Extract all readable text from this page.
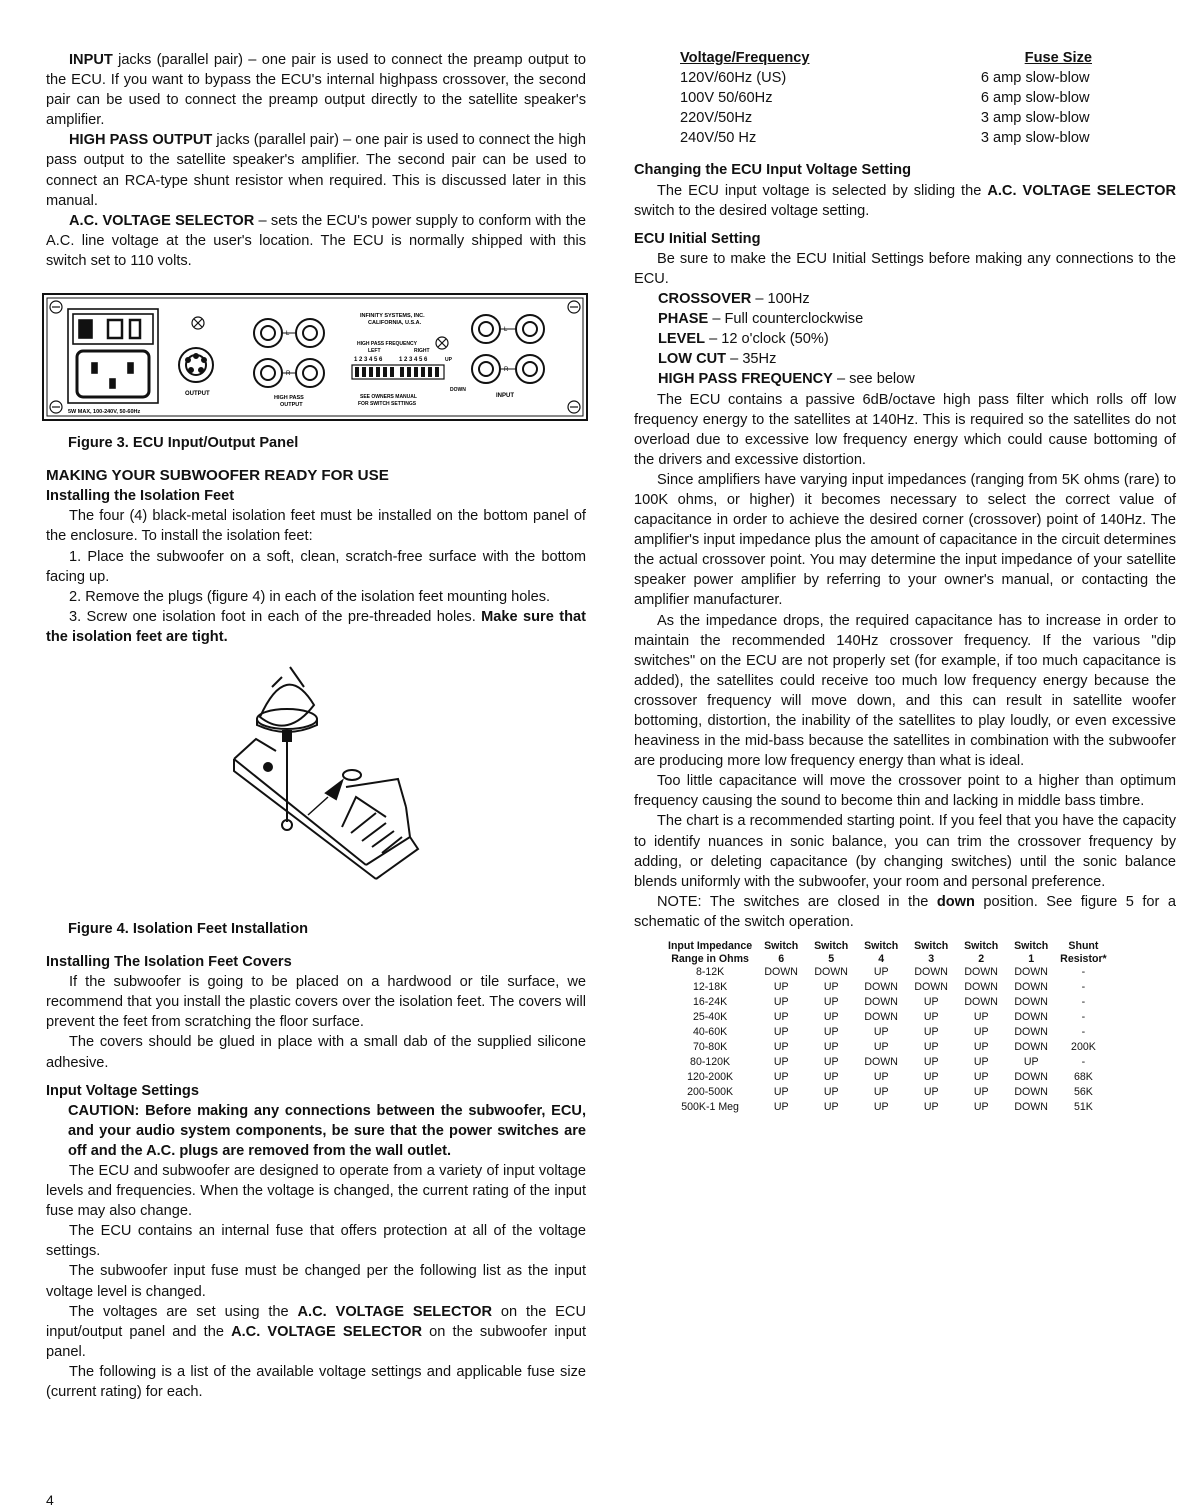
INPUT jacks (parallel pair) – one pair is used to connect the preamp output to the ECU. If you want to bypass the ECU's internal highpass crossover, the second pair can be used to connect the preamp output directly to the satellite speaker's amplifier.

HIGH PASS OUTPUT jacks (parallel pair) – one pair is used to connect the high pass output to the satellite speaker's amplifier. The second pair can be used to connect an RCA-type shunt resistor when required. This is discussed later in this manual.

A.C. VOLTAGE SELECTOR – sets the ECU's power supply to conform with the A.C. line voltage at the user's location. The ECU is normally shipped with this switch set to 110 volts.

OUTPUT
L
R
HIGH PASS
OUTPUT
INFINITY SYSTEMS, INC.
CALIFORNIA, U.S.A.
HIGH PASS FREQUENCY
LEFT	RIGHT
1 2 3 4 5 6	1 2 3 4 5 6	UP
DOWN
SEE OWNERS MANUAL
FOR SWITCH SETTINGS
L
R
INPUT
5W MAX, 100-240V, 50-60Hz

Figure 3. ECU Input/Output Panel

MAKING YOUR SUBWOOFER READY FOR USE

Installing the Isolation Feet

The four (4) black-metal isolation feet must be installed on the bottom panel of the enclosure. To install the isolation feet:

1. Place the subwoofer on a soft, clean, scratch-free surface with the bottom facing up.

2. Remove the plugs (figure 4) in each of the isolation feet mounting holes.

3. Screw one isolation foot in each of the pre-threaded holes. Make sure that the isolation feet are tight.

Figure 4. Isolation Feet Installation

Installing The Isolation Feet Covers

If the subwoofer is going to be placed on a hardwood or tile surface, we recommend that you install the plastic covers over the isolation feet. The covers will prevent the feet from scratching the floor surface.

The covers should be glued in place with a small dab of the supplied silicone adhesive.

Input Voltage Settings

CAUTION: Before making any connections between the subwoofer, ECU, and your audio system components, be sure that the power switches are off and the A.C. plugs are removed from the wall outlet.

The ECU and subwoofer are designed to operate from a variety of input voltage levels and frequencies. When the voltage is changed, the current rating of the input fuse may also change.

The ECU contains an internal fuse that offers protection at all of the voltage settings.

The subwoofer input fuse must be changed per the following list as the input voltage level is changed.

The voltages are set using the A.C. VOLTAGE SELECTOR on the ECU input/output panel and the A.C. VOLTAGE SELECTOR on the subwoofer input panel.

The following is a list of the available voltage settings and applicable fuse size (current rating) for each.

Voltage/Frequency	Fuse Size
120V/60Hz (US)	6 amp slow-blow
100V 50/60Hz	6 amp slow-blow
220V/50Hz	3 amp slow-blow
240V/50 Hz	3 amp slow-blow

Changing the ECU Input Voltage Setting

The ECU input voltage is selected by sliding the A.C. VOLTAGE SELECTOR switch to the desired voltage setting.

ECU Initial Setting

Be sure to make the ECU Initial Settings before making any connections to the ECU.

CROSSOVER – 100Hz

PHASE – Full counterclockwise

LEVEL – 12 o'clock (50%)

LOW CUT – 35Hz

HIGH PASS FREQUENCY – see below

The ECU contains a passive 6dB/octave high pass filter which rolls off low frequency energy to the satellites at 140Hz. This is required so the satellites do not overload due to excessive low frequency energy which could cause bottoming of the drivers and excessive distortion.

Since amplifiers have varying input impedances (ranging from 5K ohms (rare) to 100K ohms, or higher) it becomes necessary to select the correct value of capacitance in order to achieve the desired corner (crossover) point of 140Hz. The amplifier's input impedance plus the amount of capacitance in the circuit determines the actual crossover point. You may determine the input impedance of your satellite speaker power amplifier by referring to your owner's manual, or contacting the amplifier manufacturer.

As the impedance drops, the required capacitance has to increase in order to maintain the recommended 140Hz crossover frequency. If the various "dip switches" on the ECU are not properly set (for example, if too much capacitance is added), the satellites could receive too much low frequency energy because the crossover frequency will move down, and this can result in satellite woofer bottoming, distortion, the inability of the satellites to play loudly, or even excessive heaviness in the mid-bass because the satellites in combination with the subwoofer are producing more low frequency energy than what is ideal.

Too little capacitance will move the crossover point to a higher than optimum frequency causing the sound to become thin and lacking in middle bass timbre.

The chart is a recommended starting point. If you feel that you have the capacity to identify nuances in sonic balance, you can trim the crossover frequency by adding, or deleting capacitance (by changing switches) until the sonic balance blends uniformly with the subwoofer, your room and personal preference.

NOTE: The switches are closed in the down position. See figure 5 for a schematic of the switch operation.

Input Impedance	Switch	Switch	Switch	Switch	Switch	Switch	Shunt
Range in Ohms	6	5	4	3	2	1	Resistor*
8-12K	DOWN	DOWN	UP	DOWN	DOWN	DOWN	-
12-18K	UP	UP	DOWN	DOWN	DOWN	DOWN	-
16-24K	UP	UP	DOWN	UP	DOWN	DOWN	-
25-40K	UP	UP	DOWN	UP	UP	DOWN	-
40-60K	UP	UP	UP	UP	UP	DOWN	-
70-80K	UP	UP	UP	UP	UP	DOWN	200K
80-120K	UP	UP	DOWN	UP	UP	UP	-
120-200K	UP	UP	UP	UP	UP	DOWN	68K
200-500K	UP	UP	UP	UP	UP	DOWN	56K
500K-1 Meg	UP	UP	UP	UP	UP	DOWN	51K
4
